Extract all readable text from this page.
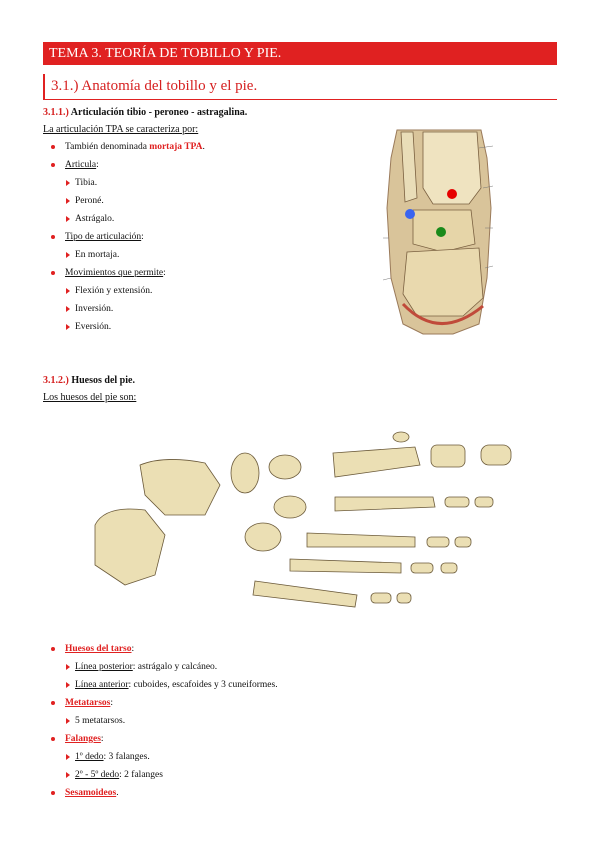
TEMA 3. TEORÍA DE TOBILLO Y PIE.
3.1.) Anatomía del tobillo y el pie.
3.1.1.) Articulación tibio - peroneo - astragalina.
La articulación TPA se caracteriza por:
También denominada mortaja TPA.
Articula:
Tibia.
Peroné.
Astrágalo.
Tipo de articulación:
En mortaja.
Movimientos que permite:
Flexión y extensión.
Inversión.
Eversión.
3.1.2.) Huesos del pie.
Los huesos del pie son:
Huesos del tarso:
Línea posterior: astrágalo y calcáneo.
Línea anterior: cuboides, escafoides y 3 cuneiformes.
Metatarsos:
5 metatarsos.
Falanges:
1º dedo: 3 falanges.
2º - 5º dedo: 2 falanges
Sesamoideos.
